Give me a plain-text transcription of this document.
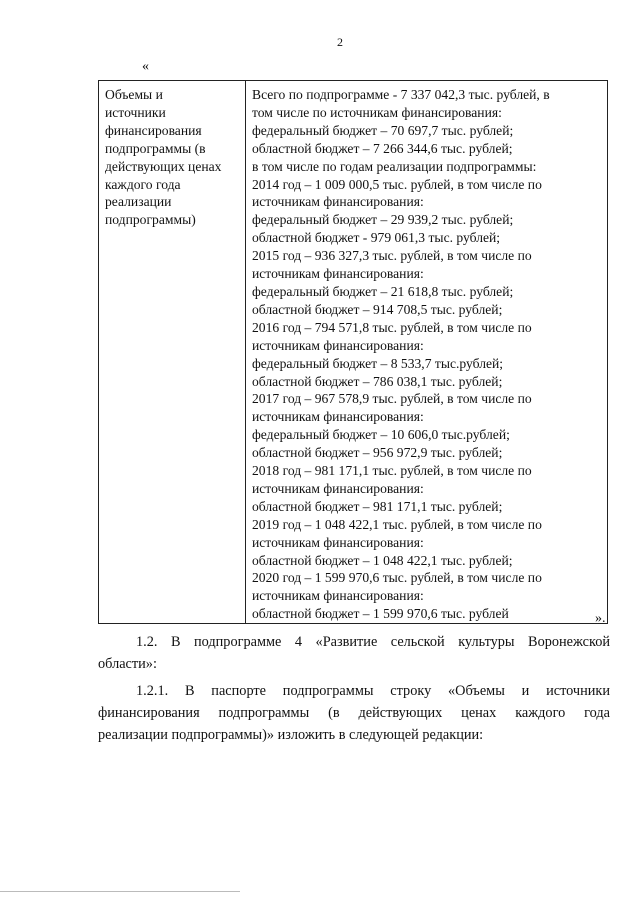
2
«
Объемы и
источники
финансирования
подпрограммы (в
действующих ценах
каждого года
реализации
подпрограммы)

Всего по подпрограмме - 7 337 042,3 тыс. рублей, в
том числе по источникам финансирования:
федеральный бюджет – 70 697,7 тыс. рублей;
областной бюджет – 7 266 344,6 тыс. рублей;
в том числе по годам реализации подпрограммы:
2014 год – 1 009 000,5 тыс. рублей, в том числе по
источникам финансирования:
федеральный бюджет – 29 939,2 тыс. рублей;
областной бюджет - 979 061,3 тыс. рублей;
2015 год – 936 327,3 тыс. рублей, в том числе по
источникам финансирования:
федеральный бюджет – 21 618,8 тыс. рублей;
областной бюджет – 914 708,5 тыс. рублей;
2016 год – 794 571,8 тыс. рублей, в том числе по
источникам финансирования:
федеральный бюджет – 8 533,7 тыс.рублей;
областной бюджет – 786 038,1 тыс. рублей;
2017 год – 967 578,9 тыс. рублей, в том числе по
источникам финансирования:
федеральный бюджет – 10 606,0 тыс.рублей;
областной бюджет – 956 972,9 тыс. рублей;
2018 год – 981 171,1 тыс. рублей, в том числе по
источникам финансирования:
областной бюджет – 981 171,1 тыс. рублей;
2019 год – 1 048 422,1 тыс. рублей, в том числе по
источникам финансирования:
областной бюджет – 1 048 422,1 тыс. рублей;
2020 год – 1 599 970,6 тыс. рублей, в том числе по
источникам финансирования:
областной бюджет – 1 599 970,6 тыс. рублей	».
1.2. В подпрограмме 4 «Развитие сельской культуры Воронежской
области»:
1.2.1. В паспорте подпрограммы строку «Объемы и источники
финансирования подпрограммы (в действующих ценах каждого года
реализации подпрограммы)» изложить в следующей редакции:
